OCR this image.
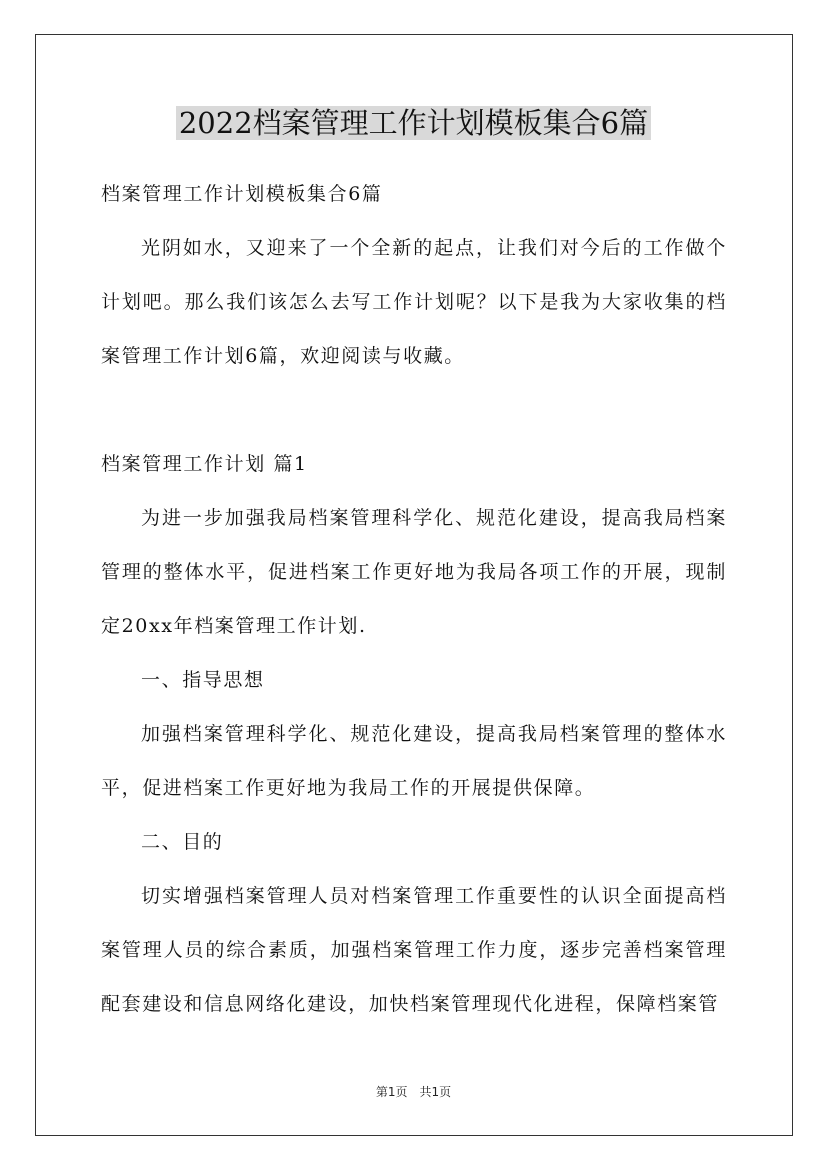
2022档案管理工作计划模板集合6篇

档案管理工作计划模板集合6篇

光阴如水，又迎来了一个全新的起点，让我们对今后的工作做个计划吧。那么我们该怎么去写工作计划呢？以下是我为大家收集的档案管理工作计划6篇，欢迎阅读与收藏。

档案管理工作计划 篇1

为进一步加强我局档案管理科学化、规范化建设，提高我局档案管理的整体水平，促进档案工作更好地为我局各项工作的开展，现制定20xx年档案管理工作计划.

一、指导思想

加强档案管理科学化、规范化建设，提高我局档案管理的整体水平，促进档案工作更好地为我局工作的开展提供保障。

二、目的

切实增强档案管理人员对档案管理工作重要性的认识全面提高档案管理人员的综合素质，加强档案管理工作力度，逐步完善档案管理配套建设和信息网络化建设，加快档案管理现代化进程，保障档案管

第1页　共1页
